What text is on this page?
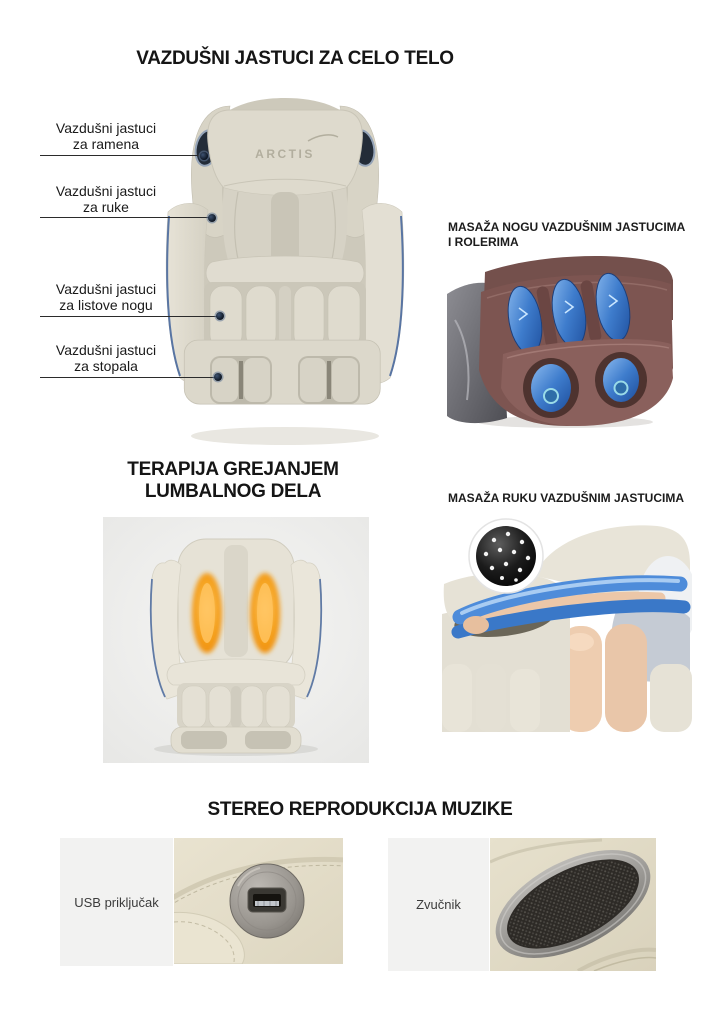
VAZDUŠNI JASTUCI ZA CELO TELO
ARCTIS
Vazdušni jastuci
za ramena
Vazdušni jastuci
za ruke
Vazdušni jastuci
za listove nogu
Vazdušni jastuci
za stopala
MASAŽA NOGU VAZDUŠNIM JASTUCIMA
I ROLERIMA
TERAPIJA GREJANJEM
LUMBALNOG DELA	MASAŽA RUKU VAZDUŠNIM JASTUCIMA
STEREO REPRODUKCIJA MUZIKE
USB priključak	Zvučnik
